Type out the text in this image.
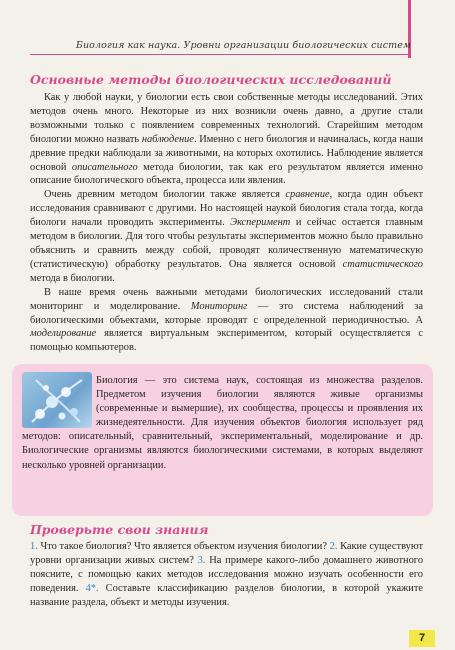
Биология как наука. Уровни организации биологических систем
Основные методы биологических исследований

Как у любой науки, у биологии есть свои собственные методы исследований. Этих методов очень много. Некоторые из них возникли очень давно, а другие стали возможными только с появлением современных технологий. Старейшим методом биологии можно назвать наблюдение. Именно с него биология и начиналась, когда наши древние предки наблюдали за животными, на которых охотились. Наблюдение является основой описательного метода биологии, так как его результатом является именно описание биологического объекта, процесса или явления.

Очень древним методом биологии также является сравнение, когда один объект исследования сравнивают с другими. Но настоящей наукой биология стала тогда, когда биологи начали проводить эксперименты. Эксперимент и сейчас остается главным методом в биологии. Для того чтобы результаты экспериментов можно было правильно объяснить и сравнить между собой, проводят количественную математическую (статистическую) обработку результатов. Она является основой статистического метода в биологии.

В наше время очень важными методами биологических исследований стали мониторинг и моделирование. Мониторинг — это система наблюдений за биологическими объектами, которые проводят с определенной периодичностью. А моделирование является виртуальным экспериментом, который осуществляется с помощью компьютеров.

Биология — это система наук, состоящая из множества разделов. Предметом изучения биологии являются живые организмы (современные и вымершие), их сообщества, процессы и проявления их жизнедеятельности. Для изучения объектов биология использует ряд методов: описательный, сравнительный, экспериментальный, моделирование и др. Биологические организмы являются биологическими системами, в которых выделяют несколько уровней организации.

Проверьте свои знания

1. Что такое биология? Что является объектом изучения биологии? 2. Какие существуют уровни организации живых систем? 3. На примере какого-либо домашнего животного поясните, с помощью каких методов исследования можно изучать особенности его поведения. 4*. Составьте классификацию разделов биологии, в которой укажите название раздела, объект и методы изучения.

7
